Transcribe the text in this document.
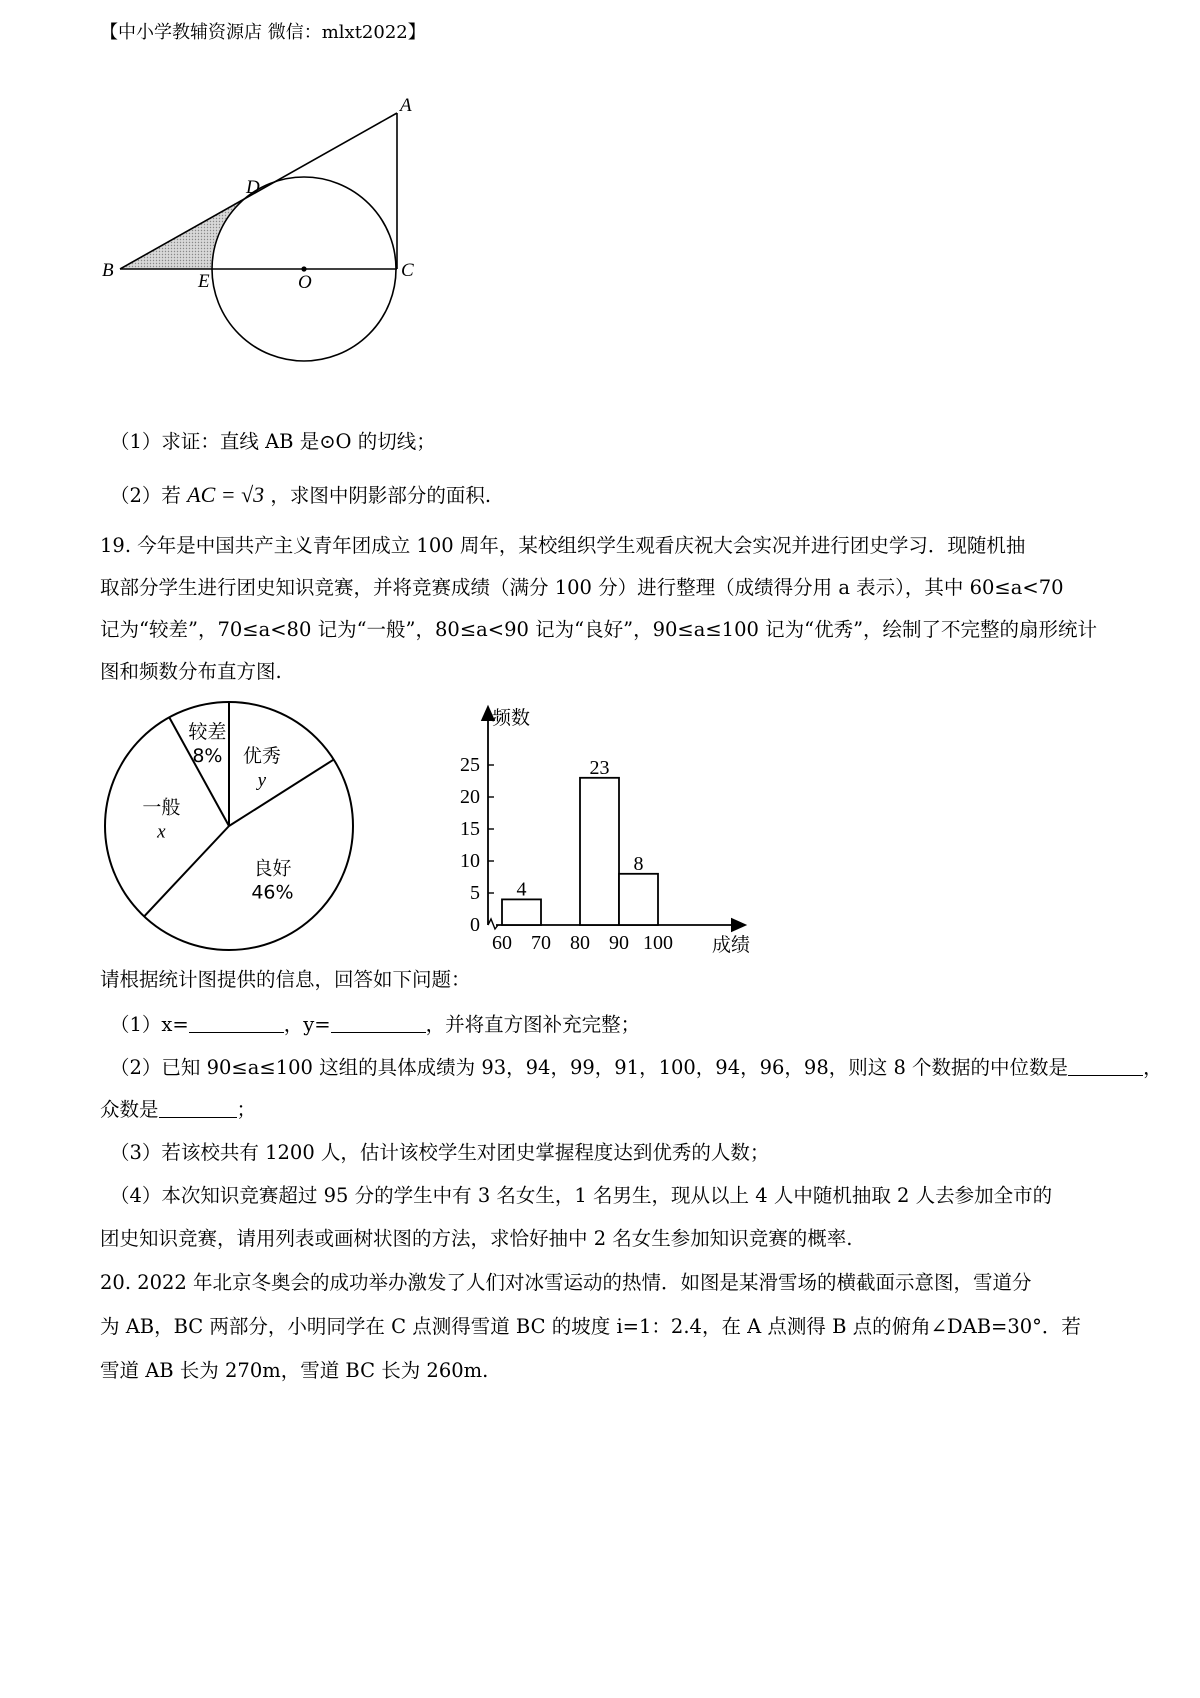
【中小学教辅资源店 微信：mlxt2022】
A
D
B
E	O
C
（1）求证：直线 AB 是⊙O 的切线；
（2）若 AC = √3 ，求图中阴影部分的面积.
19. 今年是中国共产主义青年团成立 100 周年，某校组织学生观看庆祝大会实况并进行团史学习．现随机抽
取部分学生进行团史知识竞赛，并将竞赛成绩（满分 100 分）进行整理（成绩得分用 a 表示），其中 60≤a<70
记为“较差”，70≤a<80 记为“一般”，80≤a<90 记为“良好”，90≤a≤100 记为“优秀”，绘制了不完整的扇形统计
图和频数分布直方图.
较差
8% 优秀
y
良好
46%
一般
x
频数
0
5
10
15
20
25
60 70 80 90 100 成绩
4
23
8
请根据统计图提供的信息，回答如下问题：
（1）x=	，y=	，并将直方图补充完整；
（2）已知 90≤a≤100 这组的具体成绩为 93，94，99，91，100，94，96，98，则这 8 个数据的中位数是	，
众数是	；
（3）若该校共有 1200 人，估计该校学生对团史掌握程度达到优秀的人数；
（4）本次知识竞赛超过 95 分的学生中有 3 名女生，1 名男生，现从以上 4 人中随机抽取 2 人去参加全市的
团史知识竞赛，请用列表或画树状图的方法，求恰好抽中 2 名女生参加知识竞赛的概率.
20. 2022 年北京冬奥会的成功举办激发了人们对冰雪运动的热情．如图是某滑雪场的横截面示意图，雪道分
为 AB，BC 两部分，小明同学在 C 点测得雪道 BC 的坡度 i=1：2.4，在 A 点测得 B 点的俯角∠DAB=30°．若
雪道 AB 长为 270m，雪道 BC 长为 260m.
